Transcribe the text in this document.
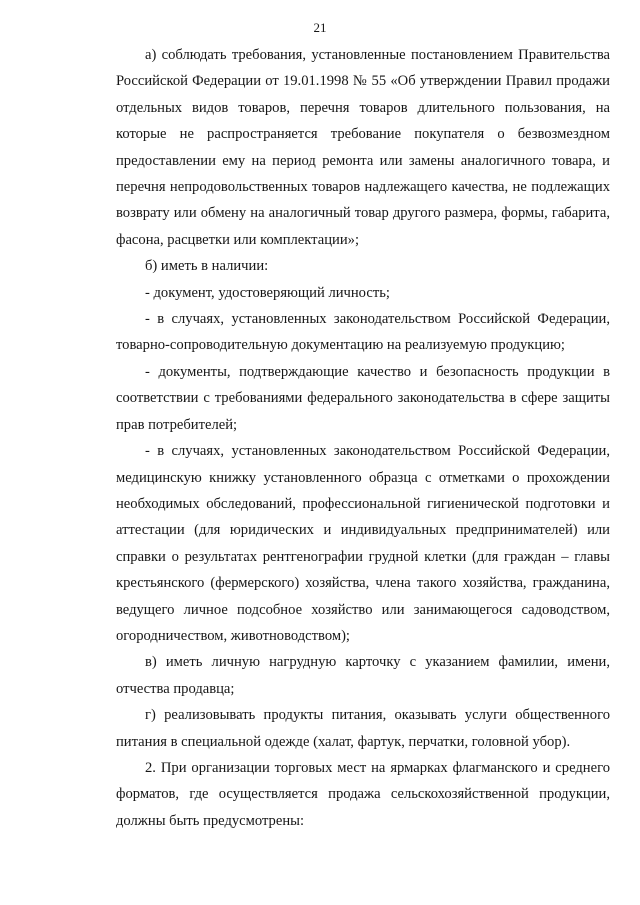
21

а) соблюдать требования, установленные постановлением Правительства Российской Федерации от 19.01.1998 № 55 «Об утверждении Правил продажи отдельных видов товаров, перечня товаров длительного пользования, на которые не распространяется требование покупателя о безвозмездном предоставлении ему на период ремонта или замены аналогичного товара, и перечня непродовольственных товаров надлежащего качества, не подлежащих возврату или обмену на аналогичный товар другого размера, формы, габарита, фасона, расцветки или комплектации»;

б) иметь в наличии:

- документ, удостоверяющий личность;

- в случаях, установленных законодательством Российской Федерации, товарно-сопроводительную документацию на реализуемую продукцию;

- документы, подтверждающие качество и безопасность продукции в соответствии с требованиями федерального законодательства в сфере защиты прав потребителей;

- в случаях, установленных законодательством Российской Федерации, медицинскую книжку установленного образца с отметками о прохождении необходимых обследований, профессиональной гигиенической подготовки и аттестации (для юридических и индивидуальных предпринимателей) или справки о результатах рентгенографии грудной клетки (для граждан – главы крестьянского (фермерского) хозяйства, члена такого хозяйства, гражданина, ведущего личное подсобное хозяйство или занимающегося садоводством, огородничеством, животноводством);

в) иметь личную нагрудную карточку с указанием фамилии, имени, отчества продавца;

г) реализовывать продукты питания, оказывать услуги общественного питания в специальной одежде (халат, фартук, перчатки, головной убор).

2. При организации торговых мест на ярмарках флагманского и среднего форматов, где осуществляется продажа сельскохозяйственной продукции, должны быть предусмотрены:
